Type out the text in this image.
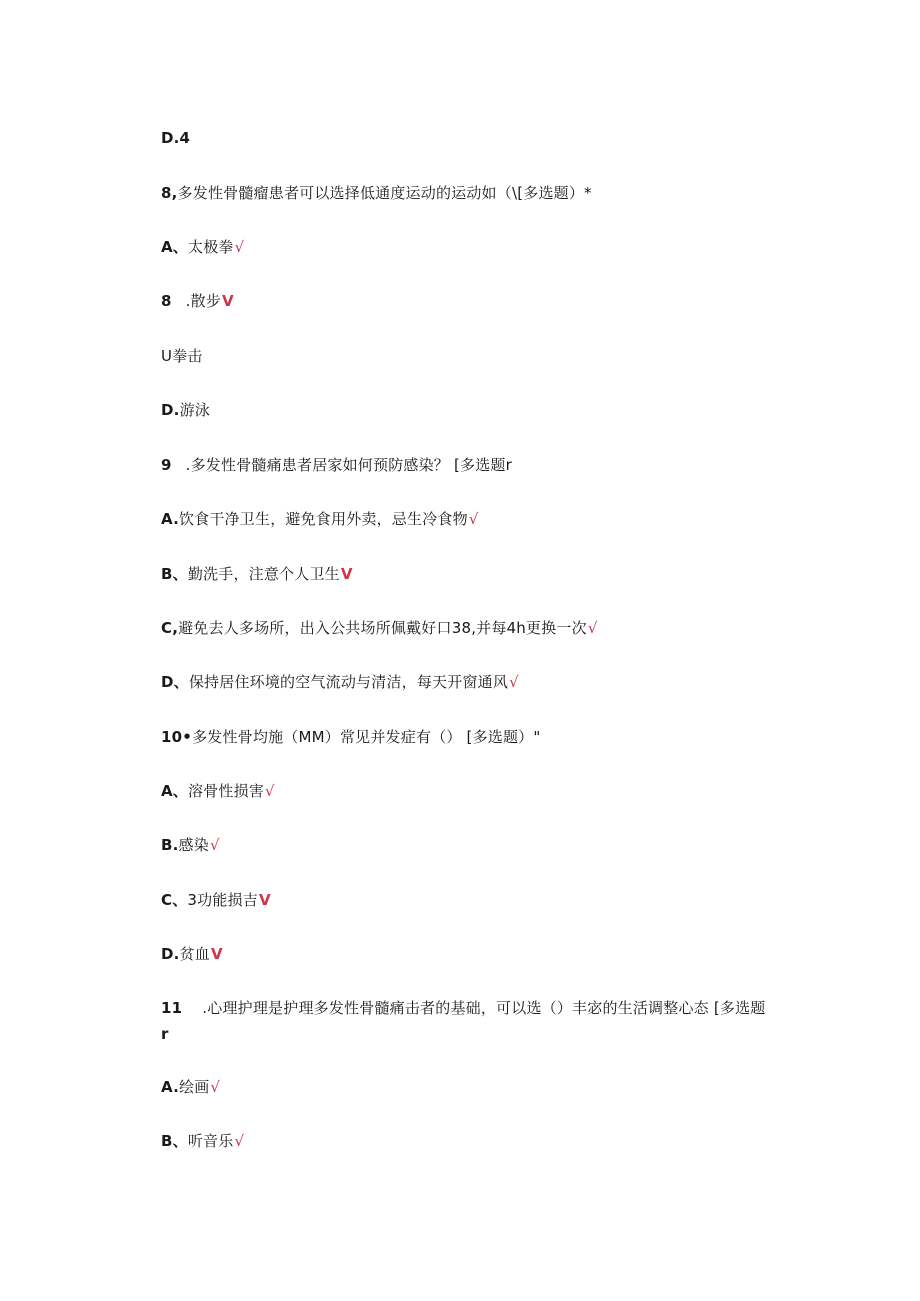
D.4
8,多发性骨髓瘤患者可以选择低通度运动的运动如（\[多选题）*
A、太极拳√
8 .散步V
U拳击
D.游泳
9 .多发性骨髓痛患者居家如何预防感染？ [多选题r
A.饮食干净卫生，避免食用外卖，忌生冷食物√
B、勤洗手，注意个人卫生V
C,避免去人多场所，出入公共场所佩戴好口38,并每4h更换一次√
D、保持居住环境的空气流动与清洁，每天开窗通风√
10•多发性骨均施（MM）常见并发症有（） [多选题）"
A、溶骨性损害√
B.感染√
C、3功能损吉V
D.贫血V
11 .心理护理是护理多发性骨髓痛击者的基础，可以选（）丰宓的生活调整心态 [多选题
r
A.绘画√
B、听音乐√
